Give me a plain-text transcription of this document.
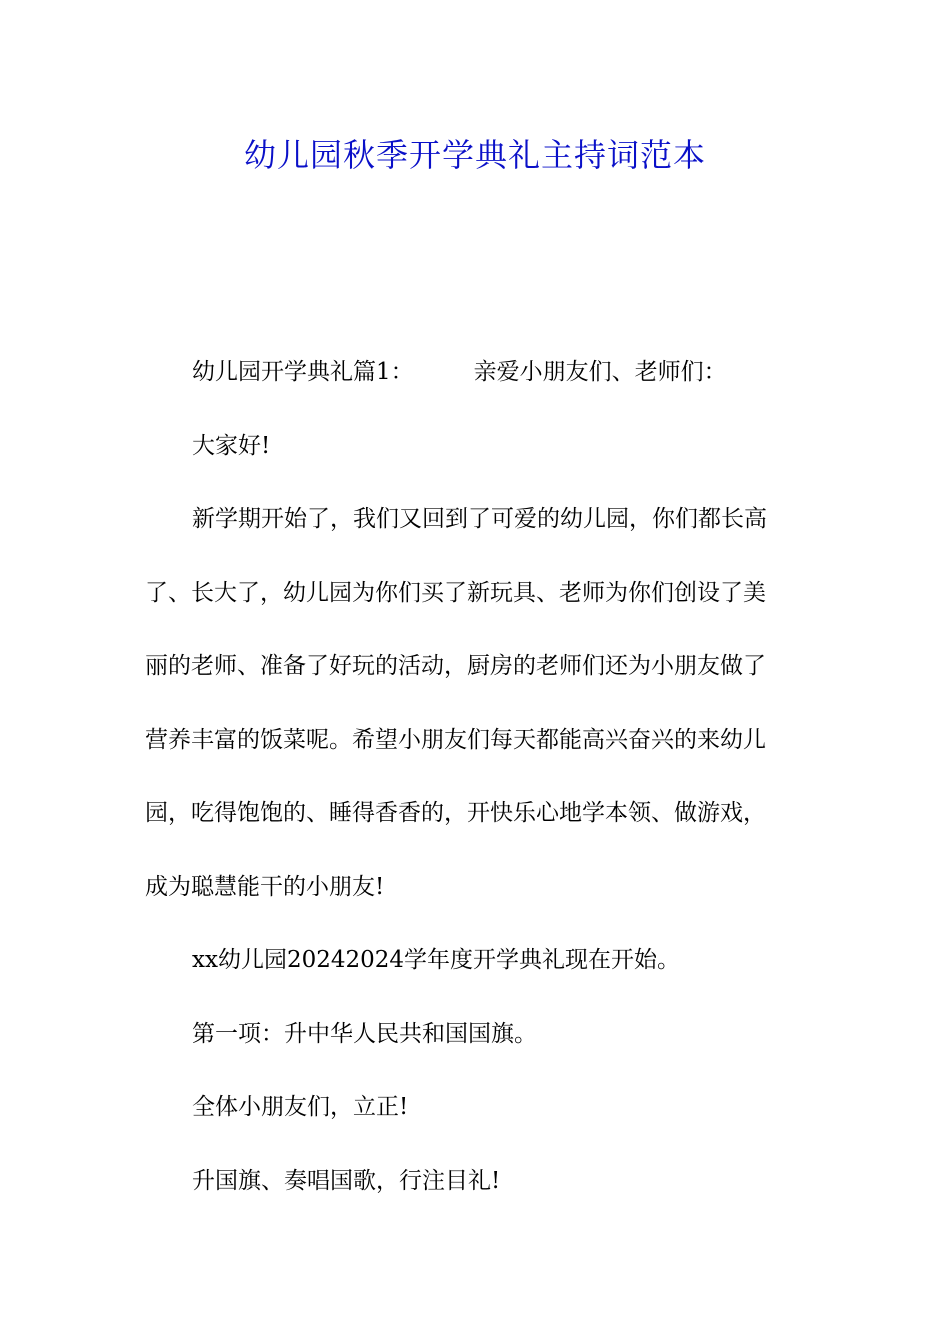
幼儿园秋季开学典礼主持词范本

幼儿园开学典礼篇1：	亲爱小朋友们、老师们：

大家好!

新学期开始了，我们又回到了可爱的幼儿园，你们都长高

了、长大了，幼儿园为你们买了新玩具、老师为你们创设了美

丽的老师、准备了好玩的活动，厨房的老师们还为小朋友做了

营养丰富的饭菜呢。希望小朋友们每天都能高兴奋兴的来幼儿

园，吃得饱饱的、睡得香香的，开快乐心地学本领、做游戏，

成为聪慧能干的小朋友!

xx幼儿园20242024学年度开学典礼现在开始。

第一项：升中华人民共和国国旗。

全体小朋友们，立正!

升国旗、奏唱国歌，行注目礼!
